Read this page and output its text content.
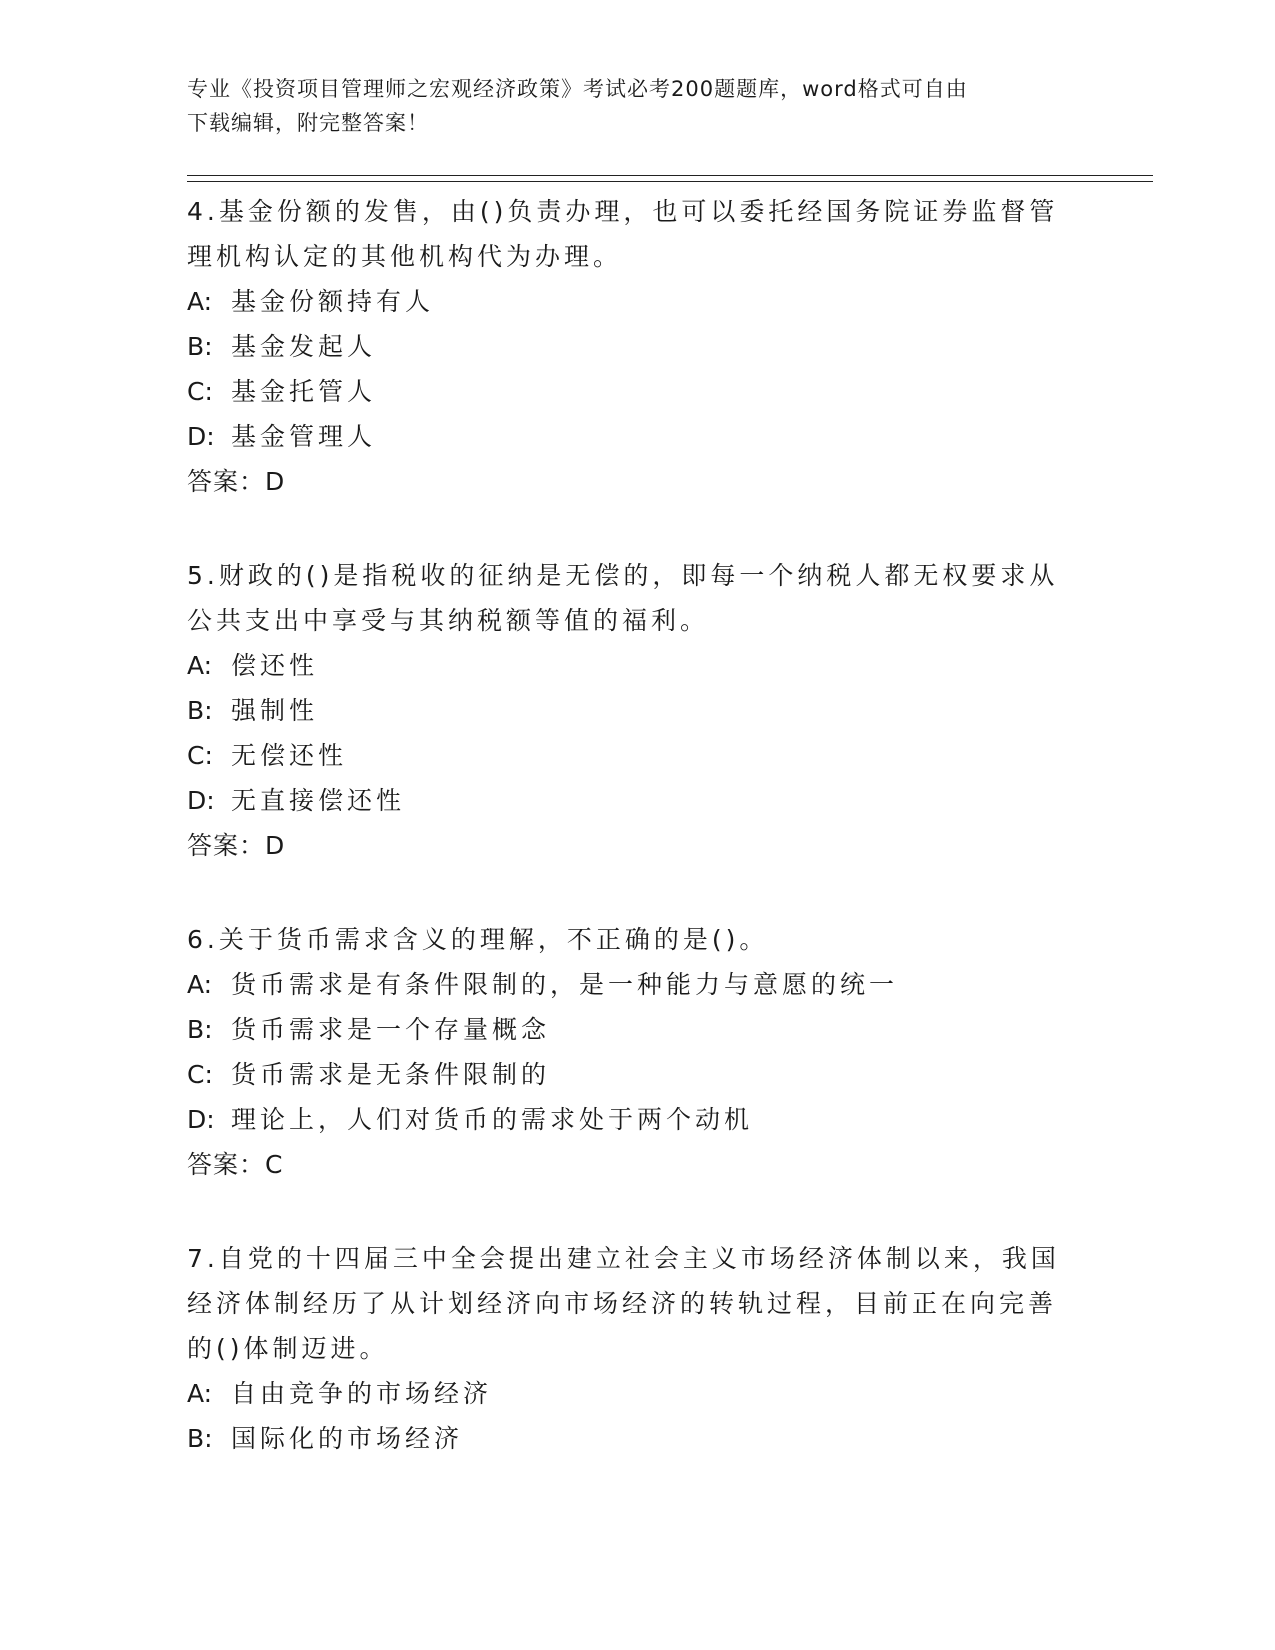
专业《投资项目管理师之宏观经济政策》考试必考200题题库，word格式可自由
下载编辑，附完整答案！

4.基金份额的发售，由()负责办理，也可以委托经国务院证券监督管

理机构认定的其他机构代为办理。

A: 基金份额持有人

B: 基金发起人

C: 基金托管人

D: 基金管理人

答案：D

5.财政的()是指税收的征纳是无偿的，即每一个纳税人都无权要求从

公共支出中享受与其纳税额等值的福利。

A: 偿还性

B: 强制性

C: 无偿还性

D: 无直接偿还性

答案：D

6.关于货币需求含义的理解，不正确的是()。

A: 货币需求是有条件限制的，是一种能力与意愿的统一

B: 货币需求是一个存量概念

C: 货币需求是无条件限制的

D: 理论上，人们对货币的需求处于两个动机

答案：C

7.自党的十四届三中全会提出建立社会主义市场经济体制以来，我国

经济体制经历了从计划经济向市场经济的转轨过程，目前正在向完善

的()体制迈进。

A: 自由竞争的市场经济

B: 国际化的市场经济
